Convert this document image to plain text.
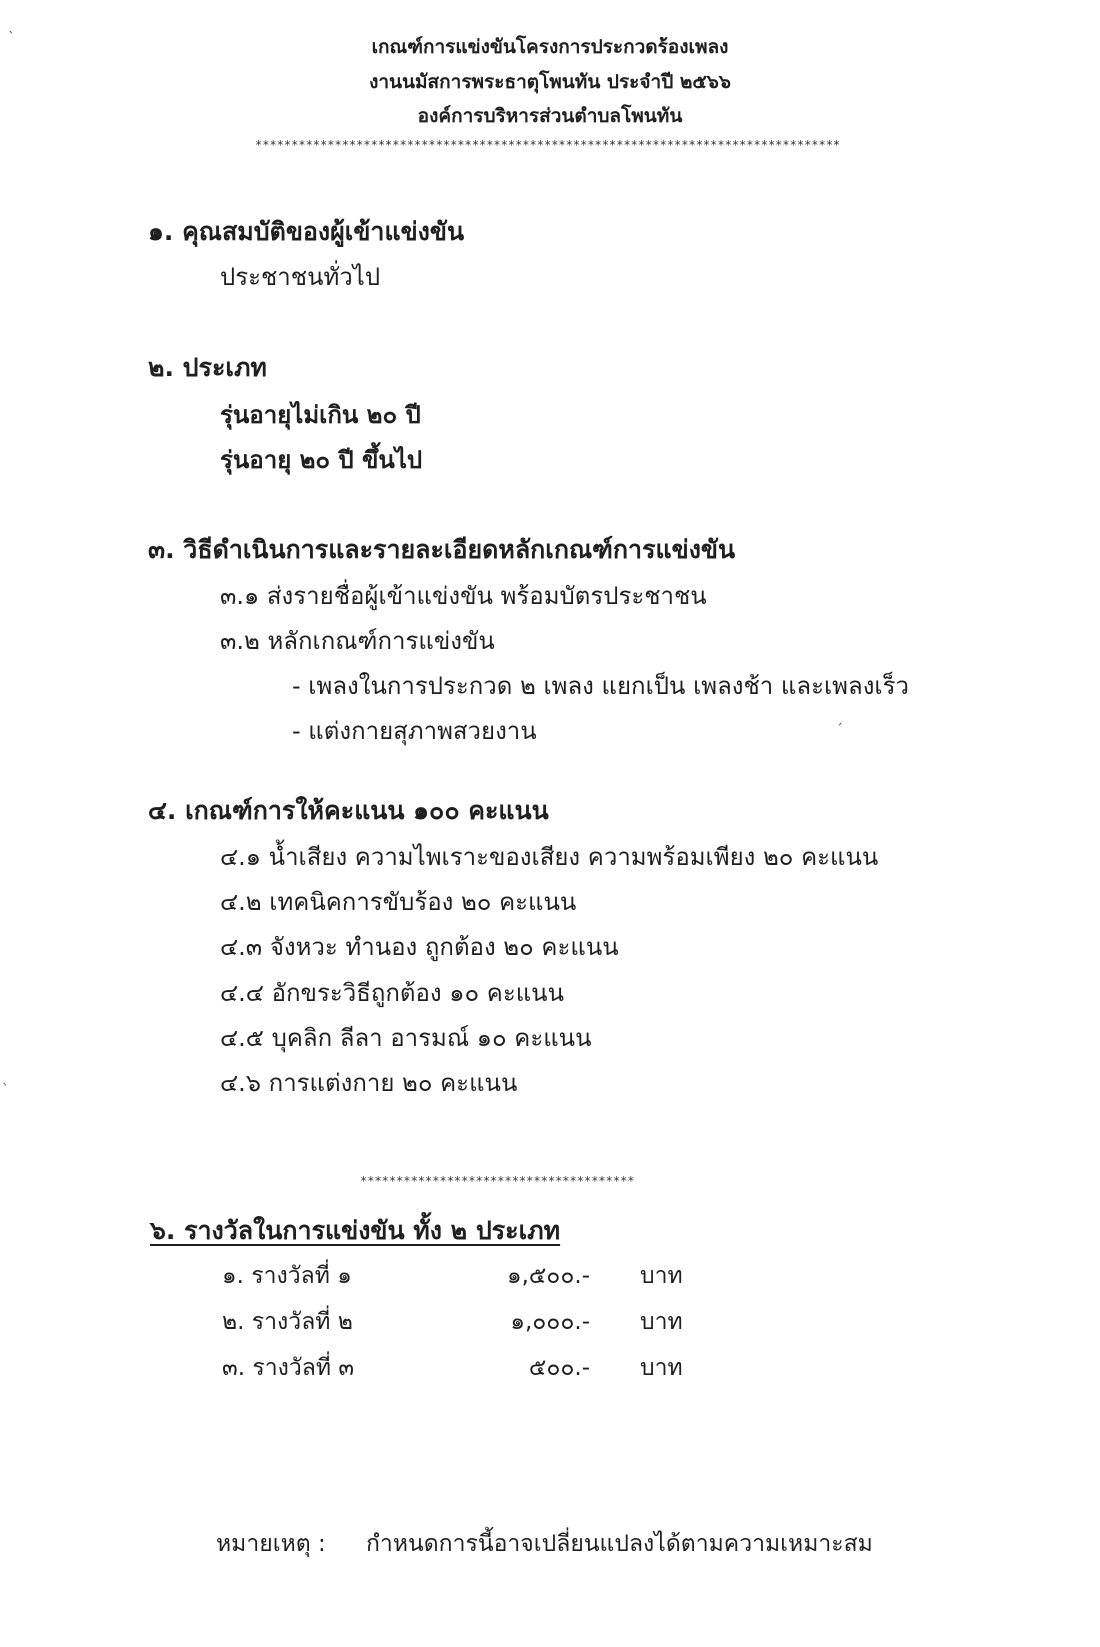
เกณฑ์การแข่งขันโครงการประกวดร้องเพลง
งานนมัสการพระธาตุโพนทัน ประจำปี ๒๕๖๖
องค์การบริหารส่วนตำบลโพนทัน
*********************************************************************************
๑. คุณสมบัติของผู้เข้าแข่งขัน
ประชาชนทั่วไป
๒. ประเภท
รุ่นอายุไม่เกิน ๒๐ ปี
รุ่นอายุ ๒๐ ปี ขึ้นไป
๓. วิธีดำเนินการและรายละเอียดหลักเกณฑ์การแข่งขัน
๓.๑ ส่งรายชื่อผู้เข้าแข่งขัน พร้อมบัตรประชาชน
๓.๒ หลักเกณฑ์การแข่งขัน
- เพลงในการประกวด ๒ เพลง แยกเป็น เพลงช้า และเพลงเร็ว
- แต่งกายสุภาพสวยงาน
๔. เกณฑ์การให้คะแนน ๑๐๐ คะแนน
๔.๑ น้ำเสียง ความไพเราะของเสียง ความพร้อมเพียง ๒๐ คะแนน
๔.๒ เทคนิคการขับร้อง ๒๐ คะแนน
๔.๓ จังหวะ ทำนอง ถูกต้อง ๒๐ คะแนน
๔.๔ อักขระวิธีถูกต้อง ๑๐ คะแนน
๔.๕ บุคลิก ลีลา อารมณ์ ๑๐ คะแนน
๔.๖ การแต่งกาย ๒๐ คะแนน
**************************************
๖. รางวัลในการแข่งขัน ทั้ง ๒ ประเภท
๑. รางวัลที่ ๑	๑,๕๐๐.- บาท
๒. รางวัลที่ ๒	๑,๐๐๐.- บาท
๓. รางวัลที่ ๓	๕๐๐.- บาท
หมายเหตุ : กำหนดการนี้อาจเปลี่ยนแปลงได้ตามความเหมาะสม
ˎ
ˏ
ˎ
